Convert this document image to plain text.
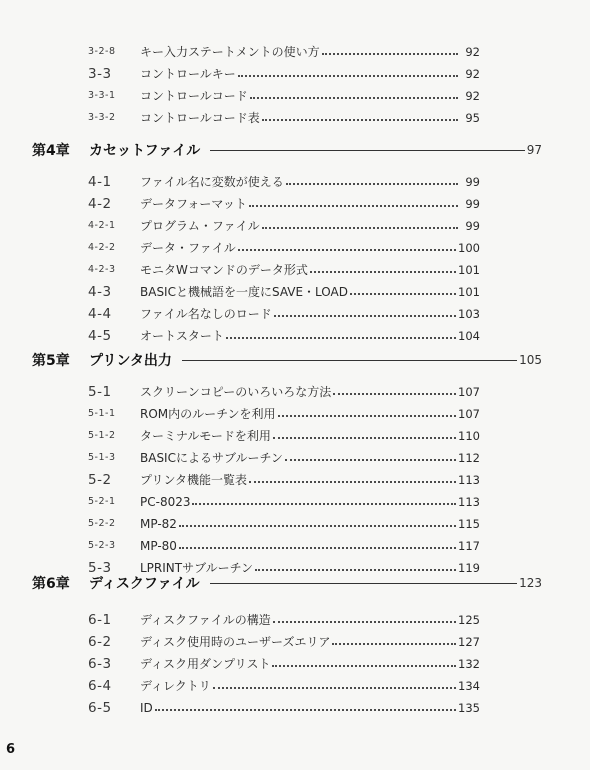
3-2-8	キー入力ステートメントの使い方	92
3-3	コントロールキー	92
3-3-1	コントロールコード	92
3-3-2	コントロールコード表	95
第4章	カセットファイル	97
4-1	ファイル名に変数が使える	99
4-2	データフォーマット	99
4-2-1	プログラム・ファイル	99
4-2-2	データ・ファイル	100
4-2-3	モニタWコマンドのデータ形式	101
4-3	BASICと機械語を一度にSAVE・LOAD	101
4-4	ファイル名なしのロード	103
4-5	オートスタート	104
第5章	プリンタ出力	105
5-1	スクリーンコピーのいろいろな方法	107
5-1-1	ROM内のルーチンを利用	107
5-1-2	ターミナルモードを利用	110
5-1-3	BASICによるサブルーチン	112
5-2	プリンタ機能一覧表	113
5-2-1	PC-8023	113
5-2-2	MP-82	115
5-2-3	MP-80	117
5-3	LPRINTサブルーチン	119
第6章	ディスクファイル	123
6-1	ディスクファイルの構造	125
6-2	ディスク使用時のユーザーズエリア	127
6-3	ディスク用ダンプリスト	132
6-4	ディレクトリ	134
6-5	ID	135
6
